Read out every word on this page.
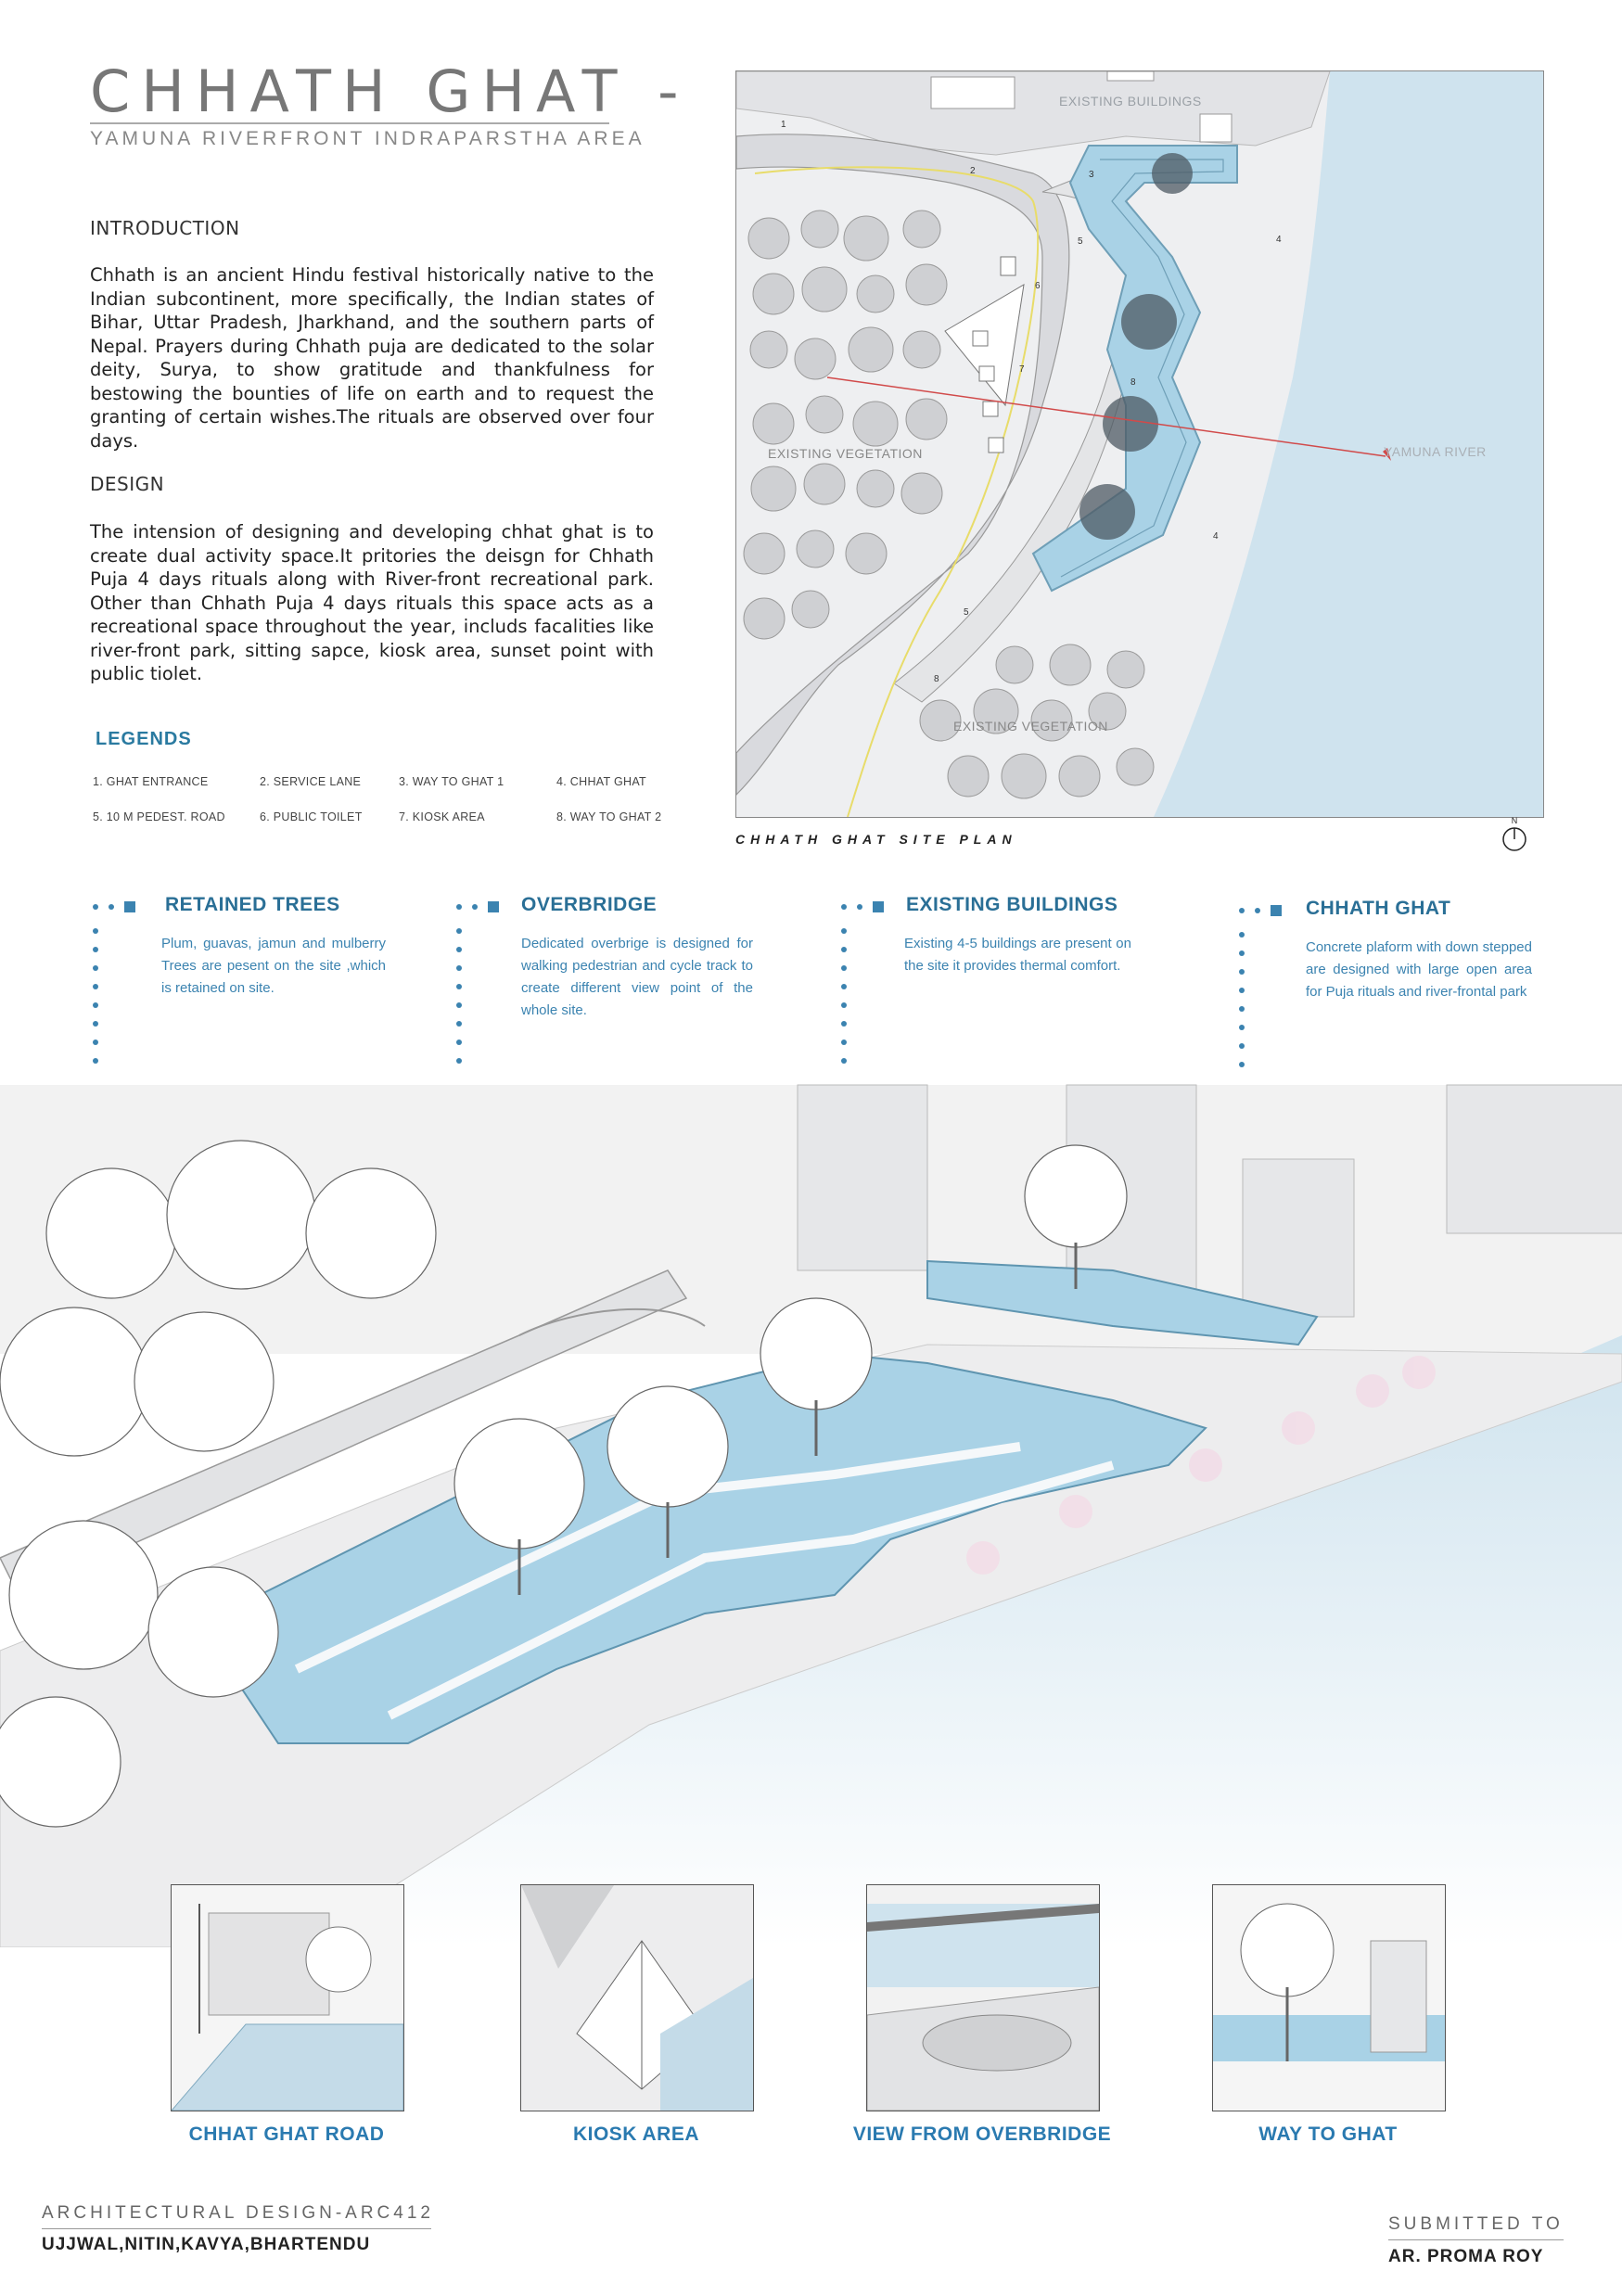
CHHATH GHAT -
YAMUNA RIVERFRONT INDRAPARSTHA AREA
INTRODUCTION
Chhath is an ancient Hindu festival historically native to the Indian subcontinent, more specifically, the Indian states of Bihar, Uttar Pradesh, Jharkhand, and the southern parts of Nepal. Prayers during Chhath puja are dedicated to the solar deity, Surya, to show gratitude and thankfulness for bestowing the bounties of life on earth and to request the granting of certain wishes.The rituals are observed over four days.
DESIGN
The intension of designing and developing chhat ghat is to create dual activity space.It pritories the deisgn for Chhath Puja 4 days rituals along with River-front recreational park. Other than Chhath Puja 4 days rituals this space acts as a recreational space throughout the year, includs facalities like river-front park, sitting sapce, kiosk area, sunset point with public tiolet.
LEGENDS
1. GHAT ENTRANCE	2. SERVICE LANE	3. WAY TO GHAT 1	4. CHHAT GHAT
5. 10 M PEDEST. ROAD	6. PUBLIC TOILET	7. KIOSK AREA	8. WAY TO GHAT 2
EXISTING BUILDINGS
EXISTING VEGETATION
EXISTING VEGETATION
YAMUNA RIVER
1
2	3
4
4
5
5
6
7
8
8
CHHATH GHAT SITE PLAN
N
RETAINED TREES
Plum, guavas, jamun and mulberry Trees are pesent on the site ,which is retained on site.
OVERBRIDGE
Dedicated overbrige is designed for walking pedestrian and cycle track to create different view point of the whole site.
EXISTING BUILDINGS
Existing 4-5 buildings are present on the site it provides thermal comfort.
CHHATH GHAT
Concrete plaform with down stepped are designed with large open area for Puja rituals and river-frontal park
CHHAT GHAT ROAD	KIOSK AREA	VIEW FROM OVERBRIDGE	WAY TO GHAT
ARCHITECTURAL DESIGN-ARC412
UJJWAL,NITIN,KAVYA,BHARTENDU
SUBMITTED TO
AR. PROMA ROY
